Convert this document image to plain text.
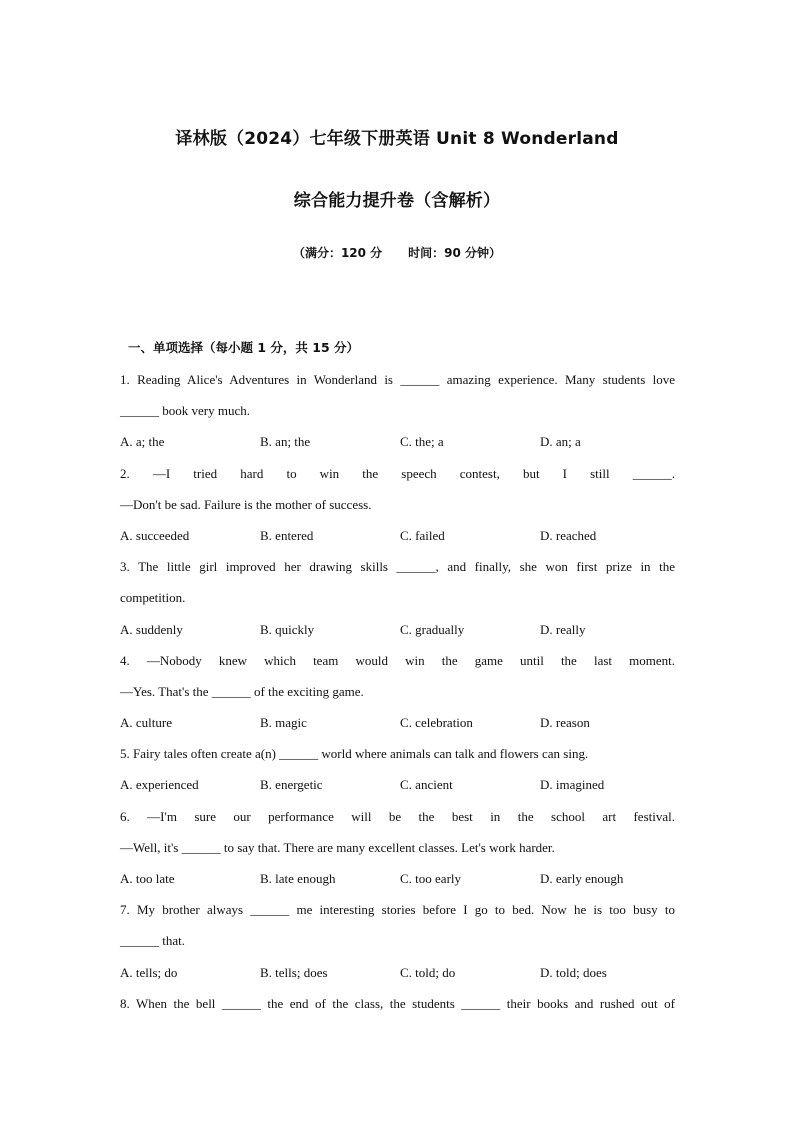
译林版（2024）七年级下册英语 Unit 8 Wonderland
综合能力提升卷（含解析）
（满分：120 分 时间：90 分钟）
一、单项选择（每小题 1 分，共 15 分）
1. Reading Alice's Adventures in Wonderland is ______ amazing experience. Many students love
______ book very much.
A. a; the	B. an; the	C. the; a	D. an; a
2. —I tried hard to win the speech contest, but I still ______.
—Don't be sad. Failure is the mother of success.
A. succeeded	B. entered	C. failed	D. reached
3. The little girl improved her drawing skills ______, and finally, she won first prize in the
competition.
A. suddenly	B. quickly	C. gradually	D. really
4. —Nobody knew which team would win the game until the last moment.
—Yes. That's the ______ of the exciting game.
A. culture	B. magic	C. celebration	D. reason
5. Fairy tales often create a(n) ______ world where animals can talk and flowers can sing.
A. experienced	B. energetic	C. ancient	D. imagined
6. —I'm sure our performance will be the best in the school art festival.
—Well, it's ______ to say that. There are many excellent classes. Let's work harder.
A. too late	B. late enough	C. too early	D. early enough
7. My brother always ______ me interesting stories before I go to bed. Now he is too busy to
______ that.
A. tells; do	B. tells; does	C. told; do	D. told; does
8. When the bell ______ the end of the class, the students ______ their books and rushed out of
